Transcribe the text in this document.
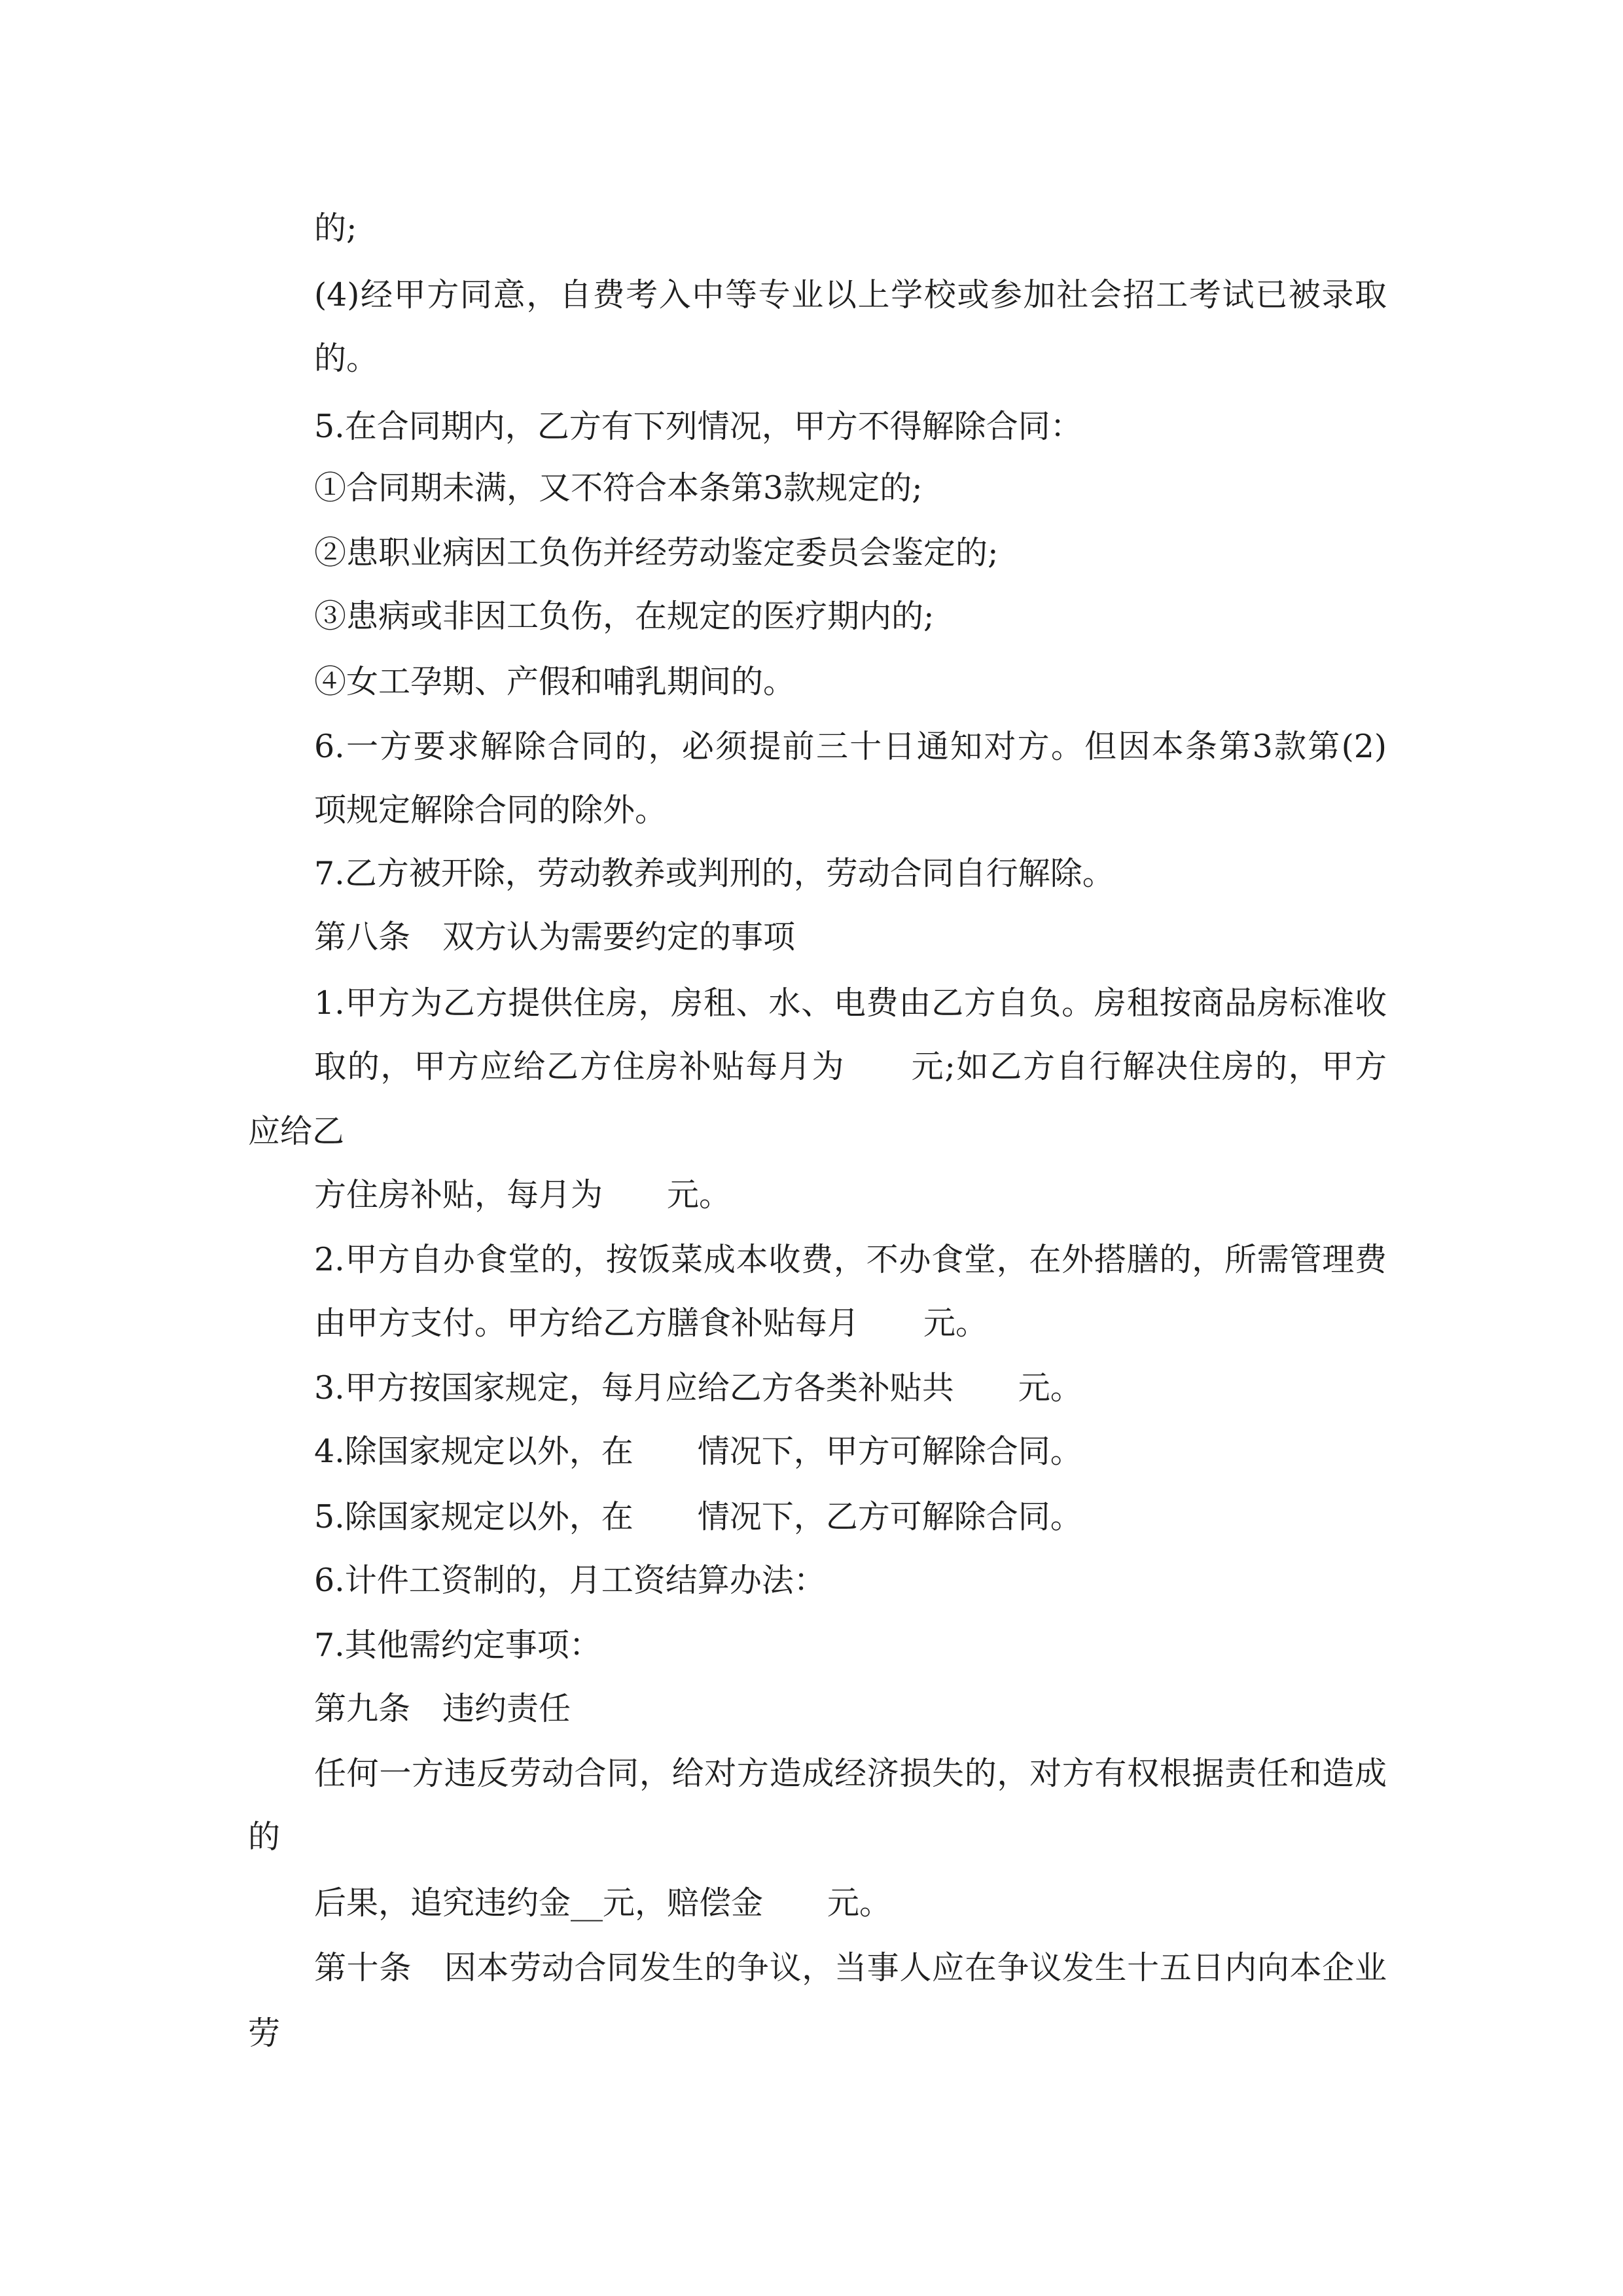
的;
(4)经甲方同意，自费考入中等专业以上学校或参加社会招工考试已被录取
的。
5.在合同期内，乙方有下列情况，甲方不得解除合同：
①合同期未满，又不符合本条第3款规定的;
②患职业病因工负伤并经劳动鉴定委员会鉴定的;
③患病或非因工负伤，在规定的医疗期内的;
④女工孕期、产假和哺乳期间的。
6.一方要求解除合同的，必须提前三十日通知对方。但因本条第3款第(2)
项规定解除合同的除外。
7.乙方被开除，劳动教养或判刑的，劳动合同自行解除。
第八条　双方认为需要约定的事项
1.甲方为乙方提供住房，房租、水、电费由乙方自负。房租按商品房标准收
取的，甲方应给乙方住房补贴每月为　　元;如乙方自行解决住房的，甲方
应给乙
方住房补贴，每月为　　元。
2.甲方自办食堂的，按饭菜成本收费，不办食堂，在外搭膳的，所需管理费
由甲方支付。甲方给乙方膳食补贴每月　　元。
3.甲方按国家规定，每月应给乙方各类补贴共　　元。
4.除国家规定以外，在　　情况下，甲方可解除合同。
5.除国家规定以外，在　　情况下，乙方可解除合同。
6.计件工资制的，月工资结算办法：
7.其他需约定事项：
第九条　违约责任
任何一方违反劳动合同，给对方造成经济损失的，对方有权根据责任和造成
的
后果，追究违约金__元，赔偿金　　元。
第十条　因本劳动合同发生的争议，当事人应在争议发生十五日内向本企业
劳
